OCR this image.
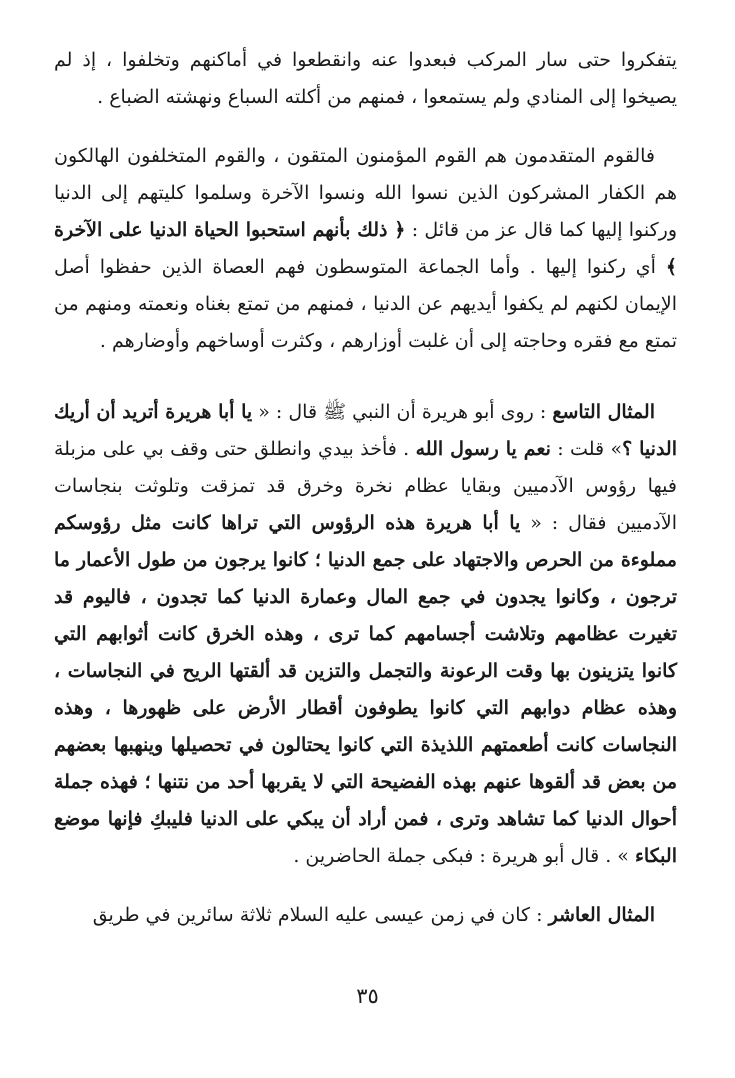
يتفكروا حتى سار المركب فبعدوا عنه وانقطعوا في أماكنهم وتخلفوا ، إذ لم يصيخوا إلى المنادي ولم يستمعوا ، فمنهم من أكلته السباع ونهشته الضباع .

فالقوم المتقدمون هم القوم المؤمنون المتقون ، والقوم المتخلفون الهالكون هم الكفار المشركون الذين نسوا الله ونسوا الآخرة وسلموا كليتهم إلى الدنيا وركنوا إليها كما قال عز من قائل : ﴿ ذلك بأنهم استحبوا الحياة الدنيا على الآخرة ﴾ أي ركنوا إليها . وأما الجماعة المتوسطون فهم العصاة الذين حفظوا أصل الإيمان لكنهم لم يكفوا أيديهم عن الدنيا ، فمنهم من تمتع بغناه ونعمته ومنهم من تمتع مع فقره وحاجته إلى أن غلبت أوزارهم ، وكثرت أوساخهم وأوضارهم .

المثال التاسع : روى أبو هريرة أن النبي ﷺ قال : « يا أبا هريرة أتريد أن أريك الدنيا ؟» قلت : نعم يا رسول الله . فأخذ بيدي وانطلق حتى وقف بي على مزبلة فيها رؤوس الآدميين وبقايا عظام نخرة وخرق قد تمزقت وتلوثت بنجاسات الآدميين فقال : « يا أبا هريرة هذه الرؤوس التي تراها كانت مثل رؤوسكم مملوءة من الحرص والاجتهاد على جمع الدنيا ؛ كانوا يرجون من طول الأعمار ما ترجون ، وكانوا يجدون في جمع المال وعمارة الدنيا كما تجدون ، فاليوم قد تغيرت عظامهم وتلاشت أجسامهم كما ترى ، وهذه الخرق كانت أثوابهم التي كانوا يتزينون بها وقت الرعونة والتجمل والتزين قد ألقتها الريح في النجاسات ، وهذه عظام دوابهم التي كانوا يطوفون أقطار الأرض على ظهورها ، وهذه النجاسات كانت أطعمتهم اللذيذة التي كانوا يحتالون في تحصيلها وينهبها بعضهم من بعض قد ألقوها عنهم بهذه الفضيحة التي لا يقربها أحد من نتنها ؛ فهذه جملة أحوال الدنيا كما تشاهد وترى ، فمن أراد أن يبكي على الدنيا فليبكِ فإنها موضع البكاء » . قال أبو هريرة : فبكى جملة الحاضرين .

المثال العاشر : كان في زمن عيسى عليه السلام ثلاثة سائرين في طريق

٣٥
